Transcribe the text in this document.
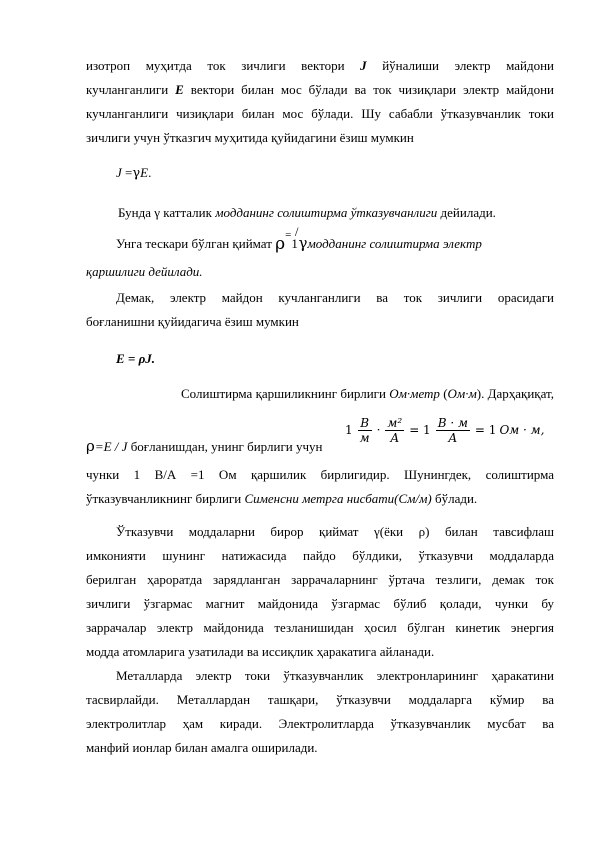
изотроп муҳитда ток зичлиги вектори J йўналиши электр майдони
кучланганлиги E вектори билан мос бўлади ва ток чизиқлари электр майдони
кучланганлиги чизиқлари билан мос бўлади. Шу сабабли ўтказувчанлик токи
зичлиги учун ўтказгич муҳитида қуйидагини ёзиш мумкин
J =γE.
Бунда γ катталик модданинг солиштирма ўтказувчанлиги дейилади.
Унга тескари бўлган қиймат ρ=1/γмодданинг солиштирма электр
қаршилиги дейилади.
Демак, электр майдон кучланганлиги ва ток зичлиги орасидаги
боғланишни қуйидагича ёзиш мумкин
E = ρJ.
Солиштирма қаршиликнинг бирлиги Ом·метр (Ом·м). Дарҳақиқат,
ρ=E / J боғланишдан, унинг бирлиги учун
$1 \frac{В}{м} \cdot \frac{\text{м²}}{А} = 1 \frac{В \cdot м}{А} = 1$ Ом · м,
чунки 1 В/А =1 Ом қаршилик бирлигидир. Шунингдек, солиштирма
ўтказувчанликнинг бирлиги Сименсни метрга нисбати(См/м) бўлади.
Ўтказувчи моддаларни бирор қиймат γ(ёки ρ) билан тавсифлаш
имконияти шунинг натижасида пайдо бўлдики, ўтказувчи моддаларда
берилган ҳароратда зарядланган заррачаларнинг ўртача тезлиги, демак ток
зичлиги ўзгармас магнит майдонида ўзгармас бўлиб қолади, чунки бу
заррачалар электр майдонида тезланишидан ҳосил бўлган кинетик энергия
модда атомларига узатилади ва иссиқлик ҳаракатига айланади.
Металларда электр токи ўтказувчанлик электронларининг ҳаракатини
тасвирлайди. Металлардан ташқари, ўтказувчи моддаларга кўмир ва
электролитлар ҳам киради. Электролитларда ўтказувчанлик мусбат ва
манфий ионлар билан амалга оширилади.
